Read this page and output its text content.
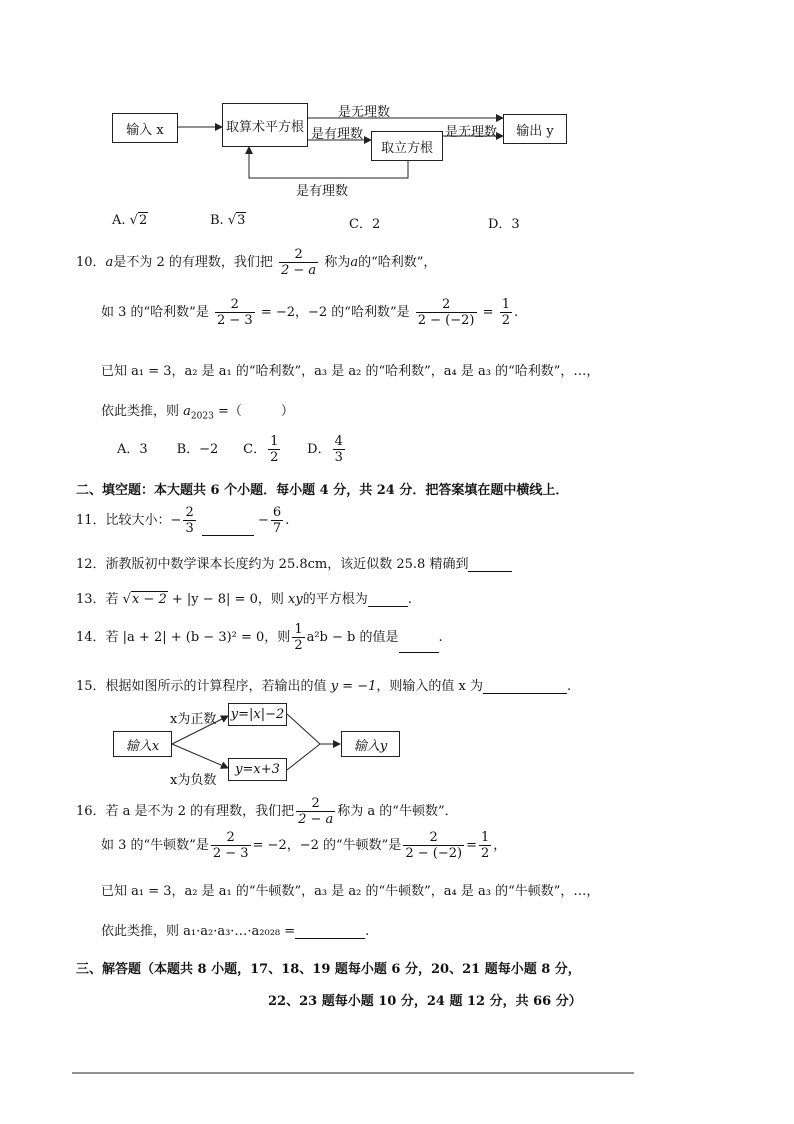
输入 x	取算术平方根
取立方根
输出 y
是无理数
是有理数	是无理数
是有理数
A. √2	B. √3	C．2	D．3
10．a是不为 2 的有理数，我们把 $\frac{2}{2 - a}$ 称为a的“哈利数”，
如 3 的“哈利数”是 $\frac{2}{2 - 3} = -2$，−2 的“哈利数”是 $\frac{2}{2 - (-2)} = \frac{1}{2}$ .
已知 a₁ = 3，a₂ 是 a₁ 的“哈利数”，a₃ 是 a₂ 的“哈利数”，a₄ 是 a₃ 的“哈利数”，…，
依此类推，则 $a_{2023}$ =（　　　）
A．3 B．−2 C． $\frac{1}{2}$ D． $\frac{4}{3}$
二、填空题：本大题共 6 个小题．每小题 4 分，共 24 分．把答案填在题中横线上．
11．比较大小：− $\frac{2}{3}$	− $\frac{6}{7}$ .
12．浙教版初中数学课本长度约为 25.8cm，该近似数 25.8 精确到
13．若 √x − 2 + |y − 8| = 0，则 xy的平方根为	.
14．若 |a + 2| + (b − 3)² = 0，则 $\frac{1}{2} a^2b - b$ 的值是	.
15．根据如图所示的计算程序，若输出的值 y = −1，则输入的值 x 为	.
输入x
y=|x|−2
y=x+3
输入y
x为正数
x为负数
16．若 a 是不为 2 的有理数，我们把 $\frac{2}{2 - a}$ 称为 a 的“牛顿数”．
如 3 的“牛顿数”是 $\frac{2}{2 - 3} = -2$，−2 的“牛顿数”是 $\frac{2}{2 - (-2)} = \frac{1}{2}$ ，
已知 a₁ = 3，a₂ 是 a₁ 的“牛顿数”，a₃ 是 a₂ 的“牛顿数”，a₄ 是 a₃ 的“牛顿数”，…，
依此类推，则 a₁·a₂·a₃·…·a₂₀₂₈ =	.
三、解答题（本题共 8 小题，17、18、19 题每小题 6 分，20、21 题每小题 8 分，
22、23 题每小题 10 分，24 题 12 分，共 66 分）
